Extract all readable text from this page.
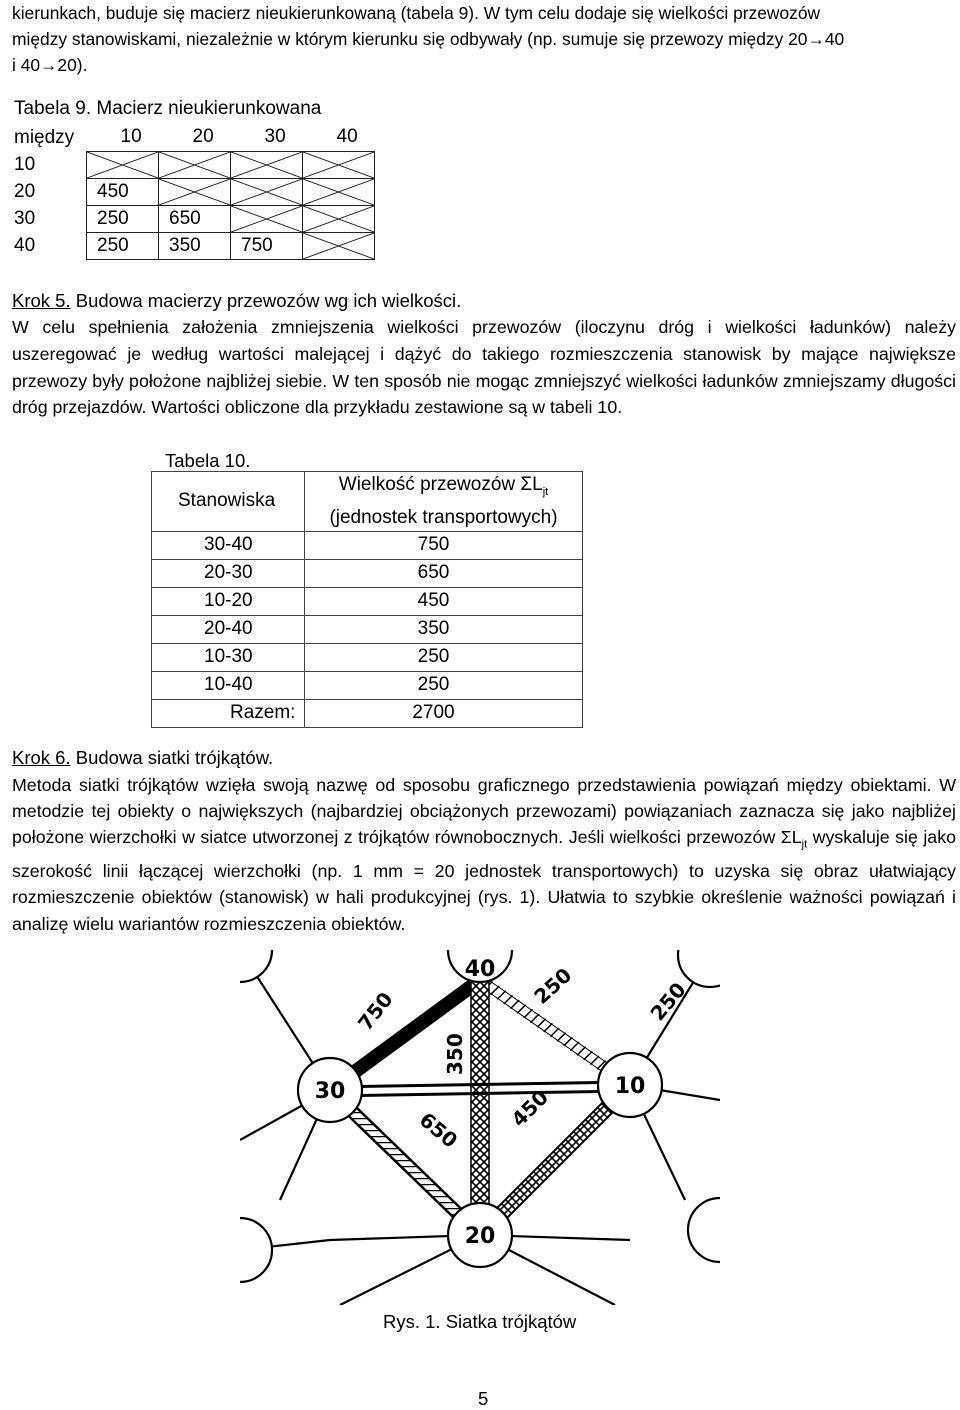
kierunkach, buduje się macierz nieukierunkowaną (tabela 9). W tym celu dodaje się wielkości przewozów
między stanowiskami, niezależnie w którym kierunku się odbywały (np. sumuje się przewozy między 20→40
i 40→20).
Tabela 9. Macierz nieukierunkowana
między	10	20	30	40
10	

20	450	

30	250	650	

40	250	350	750	
Krok 5. Budowa macierzy przewozów wg ich wielkości.
W celu spełnienia założenia zmniejszenia wielkości przewozów (iloczynu dróg i wielkości ładunków) należy uszeregować je według wartości malejącej i dążyć do takiego rozmieszczenia stanowisk by mające największe przewozy były położone najbliżej siebie. W ten sposób nie mogąc zmniejszyć wielkości ładunków zmniejszamy długości dróg przejazdów. Wartości obliczone dla przykładu zestawione są w tabeli 10.
Tabela 10.
Stanowiska	Wielkość przewozów $\Sigma L_{jt}$
(jednostek transportowych)
30-40	750
20-30	650
10-20	450
20-40	350
10-30	250
10-40	250
Razem:	2700
Krok 6. Budowa siatki trójkątów.
Metoda siatki trójkątów wzięła swoją nazwę od sposobu graficznego przedstawienia powiązań między obiektami. W metodzie tej obiekty o największych (najbardziej obciążonych przewozami) powiązaniach zaznacza się jako najbliżej położone wierzchołki w siatce utworzonej z trójkątów równobocznych. Jeśli wielkości przewozów $\Sigma L_{jt}$ wyskaluje się jako szerokość linii łączącej wierzchołki (np. 1 mm = 20 jednostek transportowych) to uzyska się obraz ułatwiający rozmieszczenie obiektów (stanowisk) w hali produkcyjnej (rys. 1). Ułatwia to szybkie określenie ważności powiązań i analizę wielu wariantów rozmieszczenia obiektów.
750
250
350
650 450
250
40
30	10
20
Rys. 1. Siatka trójkątów
5
